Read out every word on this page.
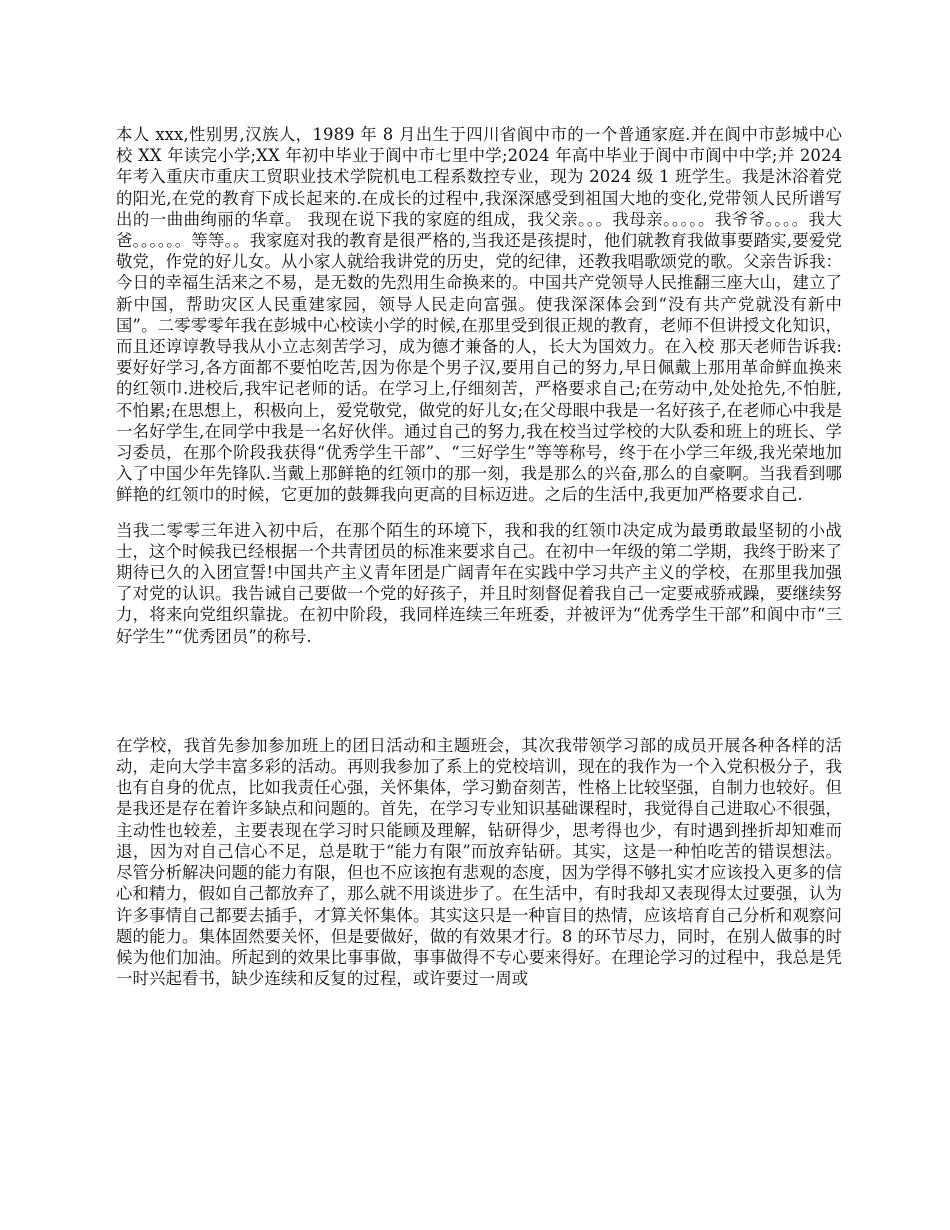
本人 xxx,性别男,汉族人，1989 年 8 月出生于四川省阆中市的一个普通家庭.并在阆中市彭城中心校 XX 年读完小学;XX 年初中毕业于阆中市七里中学;2024 年高中毕业于阆中市阆中中学;并 2024 年考入重庆市重庆工贸职业技术学院机电工程系数控专业，现为 2024 级 1 班学生。我是沐浴着党的阳光,在党的教育下成长起来的.在成长的过程中,我深深感受到祖国大地的变化,党带领人民所谱写出的一曲曲绚丽的华章。 我现在说下我的家庭的组成，我父亲。。。我母亲。。。。。我爷爷。。。。我大爸。。。。。。等等。。我家庭对我的教育是很严格的,当我还是孩提时，他们就教育我做事要踏实,要爱党敬党，作党的好儿女。从小家人就给我讲党的历史，党的纪律，还教我唱歌颂党的歌。父亲告诉我：今日的幸福生活来之不易，是无数的先烈用生命换来的。中国共产党领导人民推翻三座大山，建立了新中国，帮助灾区人民重建家园，领导人民走向富强。使我深深体会到“没有共产党就没有新中国”。二零零零年我在彭城中心校读小学的时候,在那里受到很正规的教育，老师不但讲授文化知识，而且还谆谆教导我从小立志刻苦学习，成为德才兼备的人，长大为国效力。在入校 那天老师告诉我:要好好学习,各方面都不要怕吃苦,因为你是个男子汉,要用自己的努力,早日佩戴上那用革命鲜血换来的红领巾.进校后,我牢记老师的话。在学习上,仔细刻苦，严格要求自己;在劳动中,处处抢先,不怕脏,不怕累;在思想上，积极向上，爱党敬党，做党的好儿女;在父母眼中我是一名好孩子,在老师心中我是一名好学生,在同学中我是一名好伙伴。通过自己的努力,我在校当过学校的大队委和班上的班长、学习委员，在那个阶段我获得“优秀学生干部”、“三好学生”等等称号，终于在小学三年级,我光荣地加入了中国少年先锋队.当戴上那鲜艳的红领巾的那一刻，我是那么的兴奋,那么的自豪啊。当我看到哪鲜艳的红领巾的时候，它更加的鼓舞我向更高的目标迈进。之后的生活中,我更加严格要求自己.

当我二零零三年进入初中后，在那个陌生的环境下，我和我的红领巾决定成为最勇敢最坚韧的小战士，这个时候我已经根据一个共青团员的标准来要求自己。在初中一年级的第二学期，我终于盼来了期待已久的入团宣誓!中国共产主义青年团是广阔青年在实践中学习共产主义的学校，在那里我加强了对党的认识。我告诫自己要做一个党的好孩子，并且时刻督促着我自己一定要戒骄戒躁，要继续努力，将来向党组织靠拢。在初中阶段，我同样连续三年班委，并被评为“优秀学生干部”和阆中市“三好学生”“优秀团员”的称号.

在学校，我首先参加参加班上的团日活动和主题班会，其次我带领学习部的成员开展各种各样的活动，走向大学丰富多彩的活动。再则我参加了系上的党校培训，现在的我作为一个入党积极分子，我也有自身的优点，比如我责任心强，关怀集体，学习勤奋刻苦，性格上比较坚强，自制力也较好。但是我还是存在着许多缺点和问题的。首先，在学习专业知识基础课程时，我觉得自己进取心不很强，主动性也较差，主要表现在学习时只能顾及理解，钻研得少，思考得也少，有时遇到挫折却知难而退，因为对自己信心不足，总是耽于“能力有限”而放弃钻研。其实，这是一种怕吃苦的错误想法。尽管分析解决问题的能力有限，但也不应该抱有悲观的态度，因为学得不够扎实才应该投入更多的信心和精力，假如自己都放弃了，那么就不用谈进步了。在生活中，有时我却又表现得太过要强，认为许多事情自己都要去插手，才算关怀集体。其实这只是一种盲目的热情，应该培育自己分析和观察问题的能力。集体固然要关怀，但是要做好，做的有效果才行。8 的环节尽力，同时，在别人做事的时候为他们加油。所起到的效果比事事做，事事做得不专心要来得好。在理论学习的过程中，我总是凭一时兴起看书，缺少连续和反复的过程，或许要过一周或
